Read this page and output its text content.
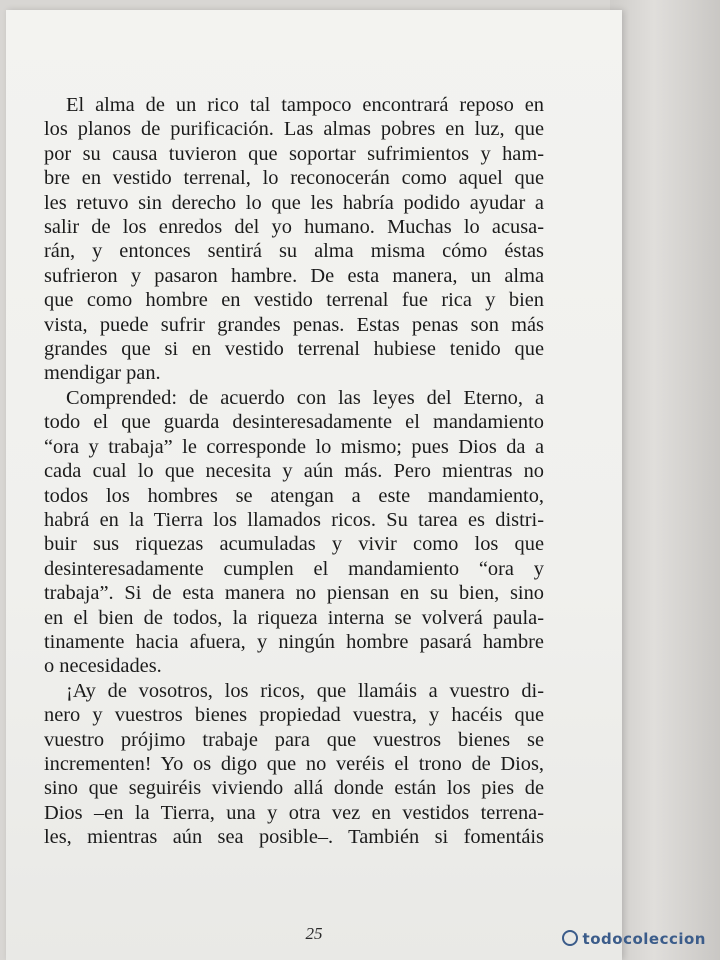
El alma de un rico tal tampoco encontrará reposo en
los planos de purificación. Las almas pobres en luz, que
por su causa tuvieron que soportar sufrimientos y ham-
bre en vestido terrenal, lo reconocerán como aquel que
les retuvo sin derecho lo que les habría podido ayudar a
salir de los enredos del yo humano. Muchas lo acusa-
rán, y entonces sentirá su alma misma cómo éstas
sufrieron y pasaron hambre. De esta manera, un alma
que como hombre en vestido terrenal fue rica y bien
vista, puede sufrir grandes penas. Estas penas son más
grandes que si en vestido terrenal hubiese tenido que
mendigar pan.

Comprended: de acuerdo con las leyes del Eterno, a
todo el que guarda desinteresadamente el mandamiento
“ora y trabaja” le corresponde lo mismo; pues Dios da a
cada cual lo que necesita y aún más. Pero mientras no
todos los hombres se atengan a este mandamiento,
habrá en la Tierra los llamados ricos. Su tarea es distri-
buir sus riquezas acumuladas y vivir como los que
desinteresadamente cumplen el mandamiento “ora y
trabaja”. Si de esta manera no piensan en su bien, sino
en el bien de todos, la riqueza interna se volverá paula-
tinamente hacia afuera, y ningún hombre pasará hambre
o necesidades.

¡Ay de vosotros, los ricos, que llamáis a vuestro di-
nero y vuestros bienes propiedad vuestra, y hacéis que
vuestro prójimo trabaje para que vuestros bienes se
incrementen! Yo os digo que no veréis el trono de Dios,
sino que seguiréis viviendo allá donde están los pies de
Dios –en la Tierra, una y otra vez en vestidos terrena-
les, mientras aún sea posible–. También si fomentáis

25	todocoleccion
